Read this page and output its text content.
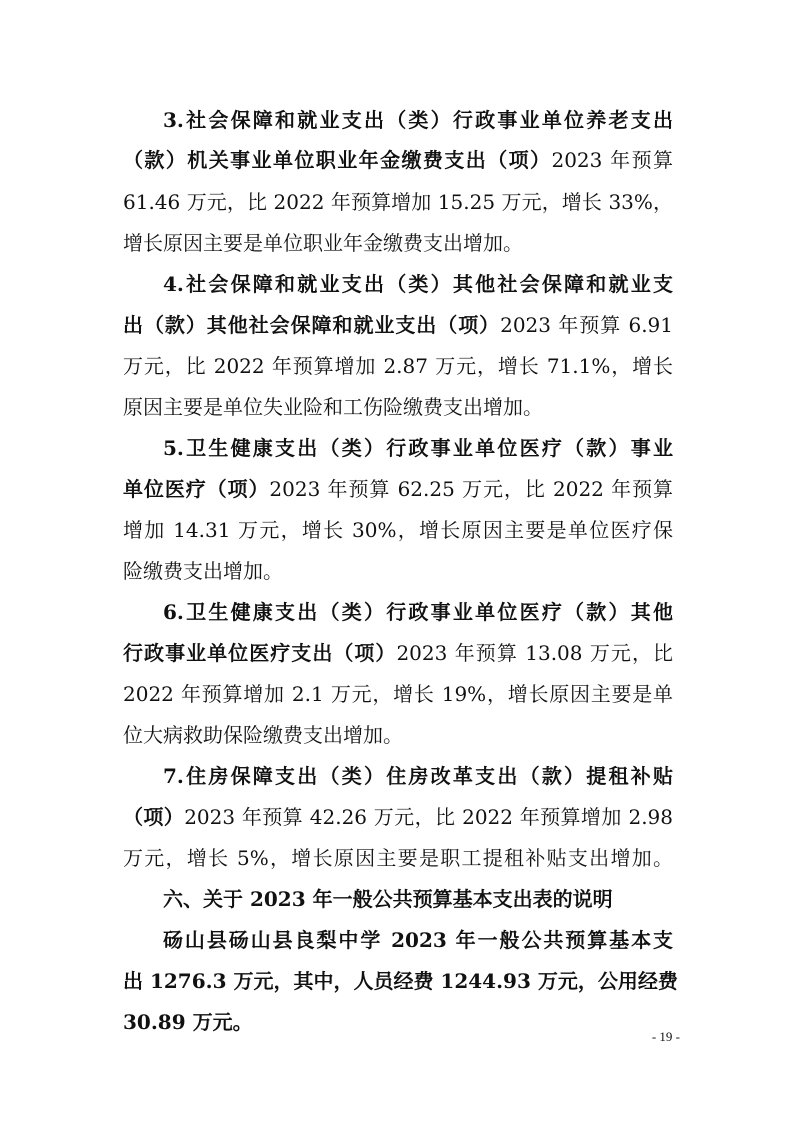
3.社会保障和就业支出（类）行政事业单位养老支出
（款）机关事业单位职业年金缴费支出（项）2023 年预算
61.46 万元，比 2022 年预算增加 15.25 万元，增长 33%，
增长原因主要是单位职业年金缴费支出增加。
4.社会保障和就业支出（类）其他社会保障和就业支
出（款）其他社会保障和就业支出（项）2023 年预算 6.91
万元，比 2022 年预算增加 2.87 万元，增长 71.1%，增长
原因主要是单位失业险和工伤险缴费支出增加。
5.卫生健康支出（类）行政事业单位医疗（款）事业
单位医疗（项）2023 年预算 62.25 万元，比 2022 年预算
增加 14.31 万元，增长 30%，增长原因主要是单位医疗保
险缴费支出增加。
6.卫生健康支出（类）行政事业单位医疗（款）其他
行政事业单位医疗支出（项）2023 年预算 13.08 万元，比
2022 年预算增加 2.1 万元，增长 19%，增长原因主要是单
位大病救助保险缴费支出增加。
7.住房保障支出（类）住房改革支出（款）提租补贴
（项）2023 年预算 42.26 万元，比 2022 年预算增加 2.98
万元，增长 5%，增长原因主要是职工提租补贴支出增加。
六、关于 2023 年一般公共预算基本支出表的说明
砀山县砀山县良梨中学 2023 年一般公共预算基本支
出 1276.3 万元，其中，人员经费 1244.93 万元，公用经费
30.89 万元。
- 19 -
